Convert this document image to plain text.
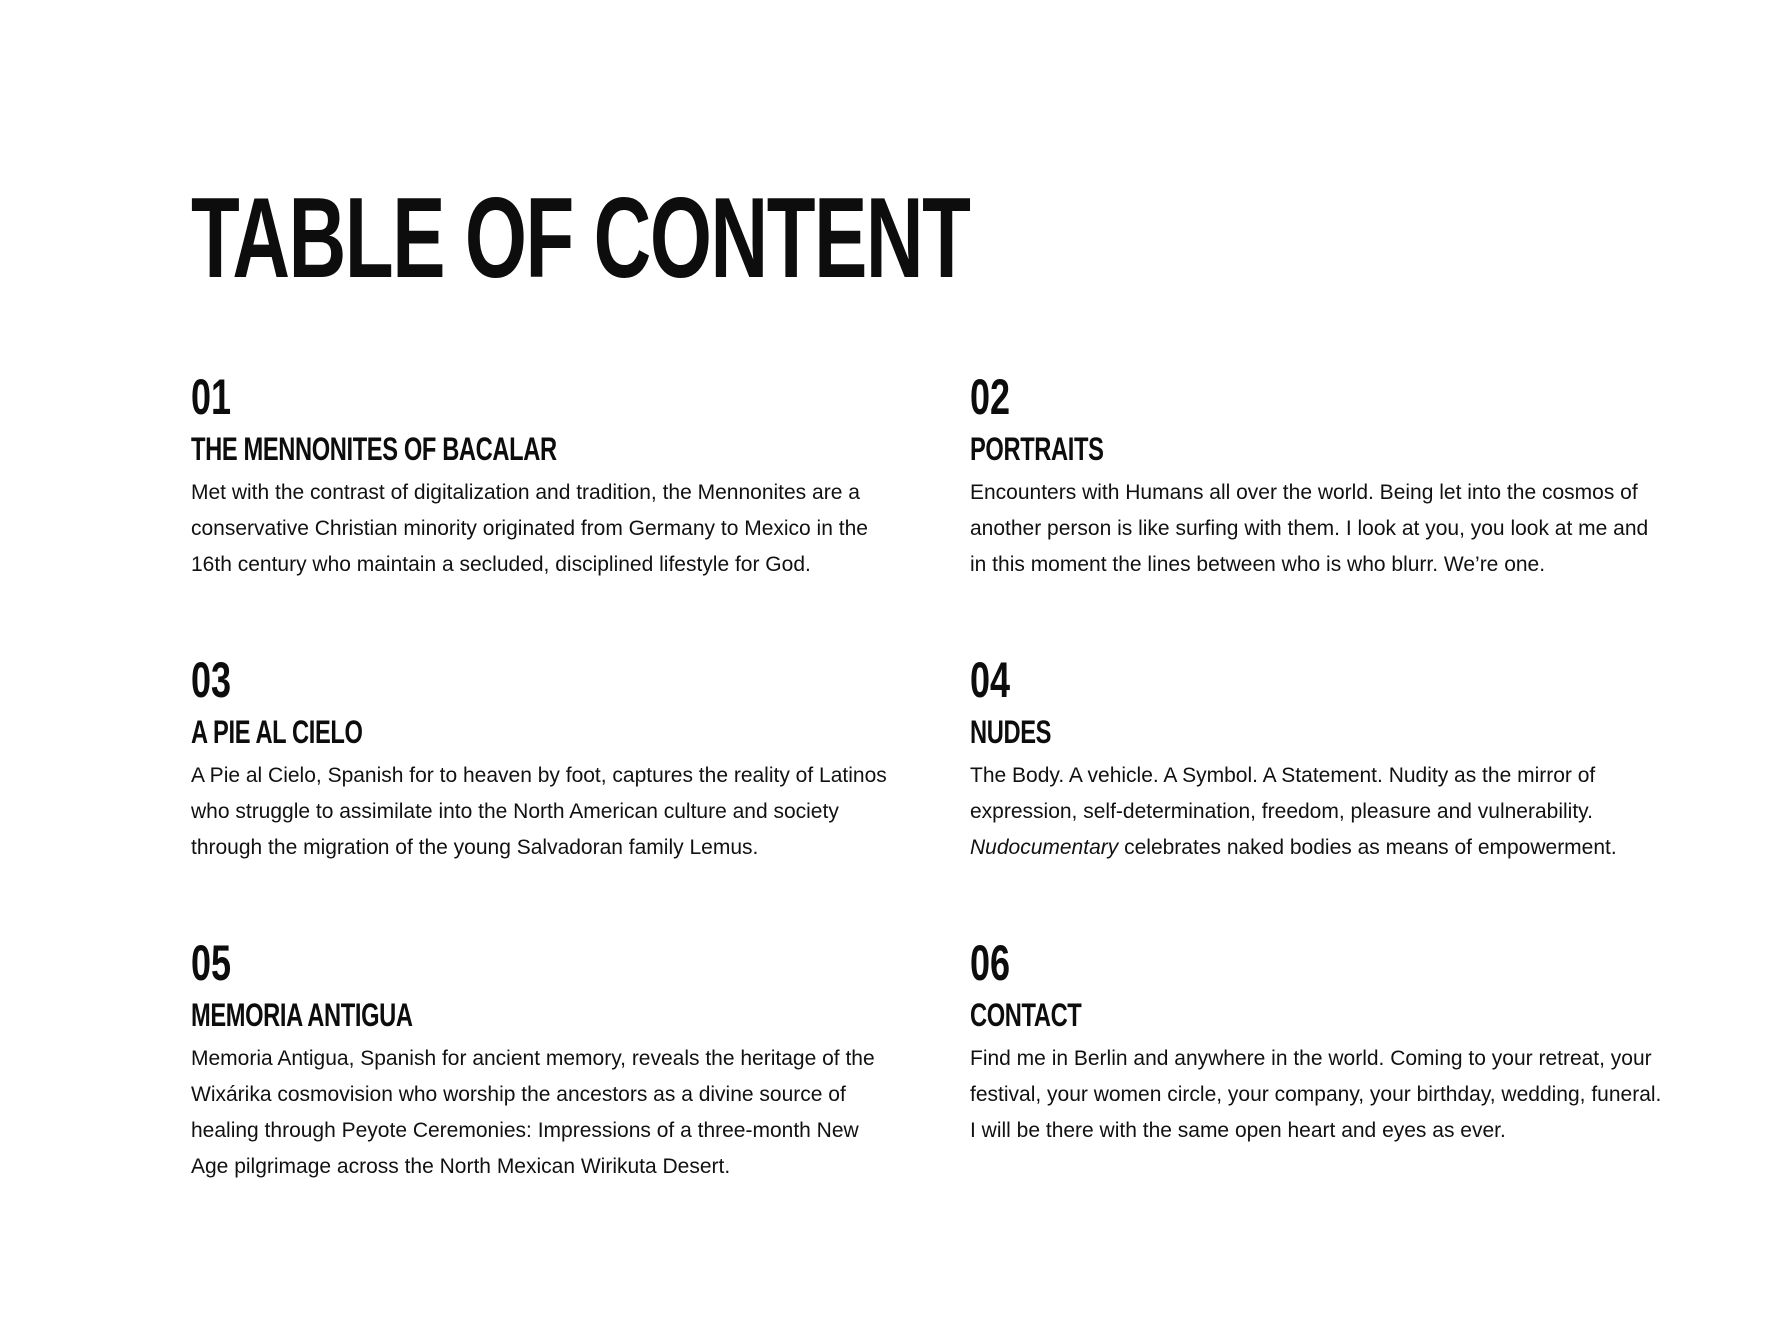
TABLE OF CONTENT
01
THE MENNONITES OF BACALAR

Met with the contrast of digitalization and tradition, the Mennonites are a conservative Christian minority originated from Germany to Mexico in the 16th century who maintain a secluded, disciplined lifestyle for God.

02
PORTRAITS

Encounters with Humans all over the world. Being let into the cosmos of another person is like surfing with them. I look at you, you look at me and in this moment the lines between who is who blurr. We’re one.

03
A PIE AL CIELO

A Pie al Cielo, Spanish for to heaven by foot, captures the reality of Latinos who struggle to assimilate into the North American culture and society through the migration of the young Salvadoran family Lemus.

04
NUDES

The Body. A vehicle. A Symbol. A Statement. Nudity as the mirror of expression, self-determination, freedom, pleasure and vulnerability.
Nudocumentary celebrates naked bodies as means of empowerment.

05
MEMORIA ANTIGUA

Memoria Antigua, Spanish for ancient memory, reveals the heritage of the Wixárika cosmovision who worship the ancestors as a divine source of healing through Peyote Ceremonies: Impressions of a three-month New Age pilgrimage across the North Mexican Wirikuta Desert.

06
CONTACT

Find me in Berlin and anywhere in the world. Coming to your retreat, your festival, your women circle, your company, your birthday, wedding, funeral. I will be there with the same open heart and eyes as ever.
